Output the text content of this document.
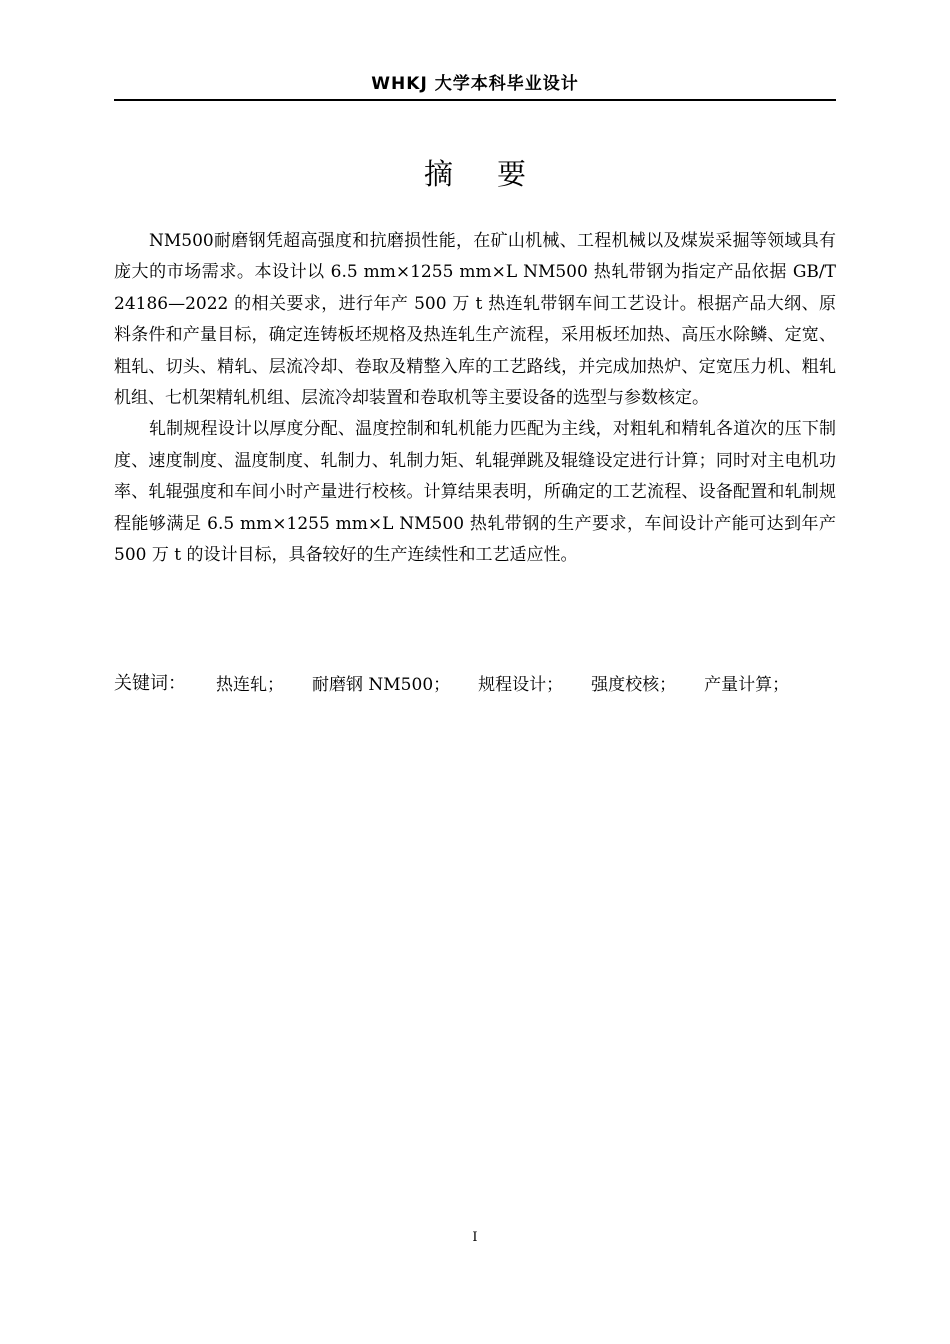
WHKJ 大学本科毕业设计
摘要

NM500耐磨钢凭超高强度和抗磨损性能，在矿山机械、工程机械以及煤炭采掘等领域具有庞大的市场需求。本设计以 6.5 mm×1255 mm×L NM500 热轧带钢为指定产品依据 GB/T 24186—2022 的相关要求，进行年产 500 万 t 热连轧带钢车间工艺设计。根据产品大纲、原料条件和产量目标，确定连铸板坯规格及热连轧生产流程，采用板坯加热、高压水除鳞、定宽、粗轧、切头、精轧、层流冷却、卷取及精整入库的工艺路线，并完成加热炉、定宽压力机、粗轧机组、七机架精轧机组、层流冷却装置和卷取机等主要设备的选型与参数核定。

轧制规程设计以厚度分配、温度控制和轧机能力匹配为主线，对粗轧和精轧各道次的压下制度、速度制度、温度制度、轧制力、轧制力矩、轧辊弹跳及辊缝设定进行计算；同时对主电机功率、轧辊强度和车间小时产量进行校核。计算结果表明，所确定的工艺流程、设备配置和轧制规程能够满足 6.5 mm×1255 mm×L NM500 热轧带钢的生产要求，车间设计产能可达到年产 500 万 t 的设计目标，具备较好的生产连续性和工艺适应性。

关键词： 热连轧； 耐磨钢 NM500； 规程设计； 强度校核； 产量计算；
I
